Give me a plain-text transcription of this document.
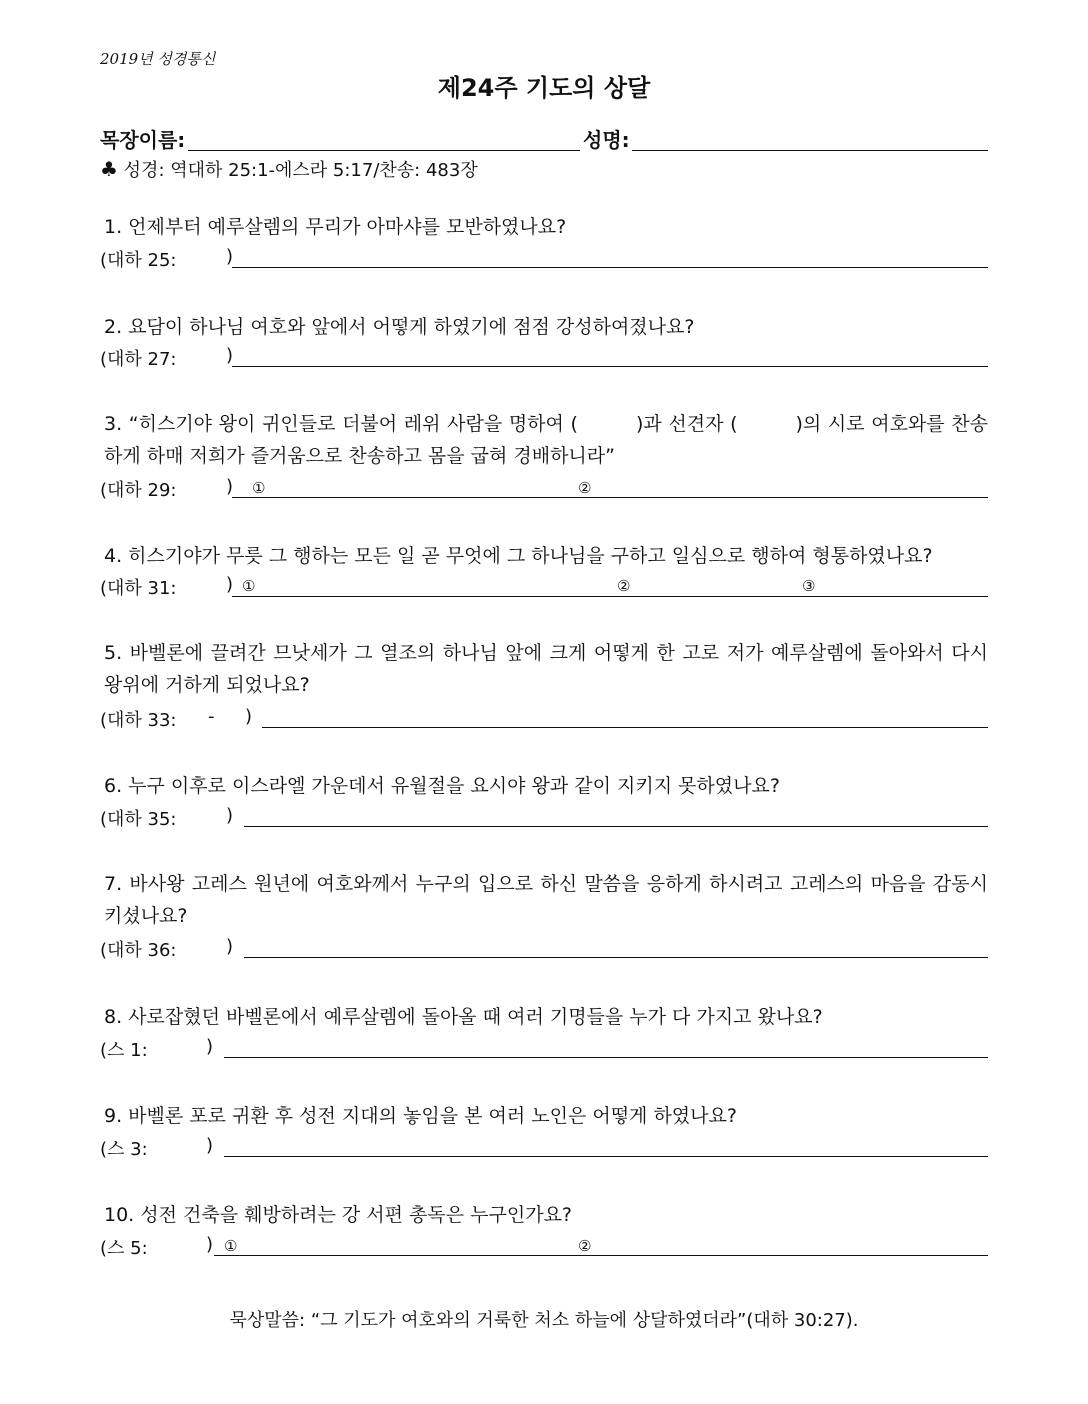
2019년 성경통신
제24주 기도의 상달
목장이름:	성명:
♣ 성경: 역대하 25:1-에스라 5:17/찬송: 483장
1. 언제부터 예루살렘의 무리가 아마샤를 모반하였나요?
(대하 25:	)
2. 요담이 하나님 여호와 앞에서 어떻게 하였기에 점점 강성하여졌나요?
(대하 27:	)
3. “히스기야 왕이 귀인들로 더불어 레위 사람을 명하여 (	)과 선견자 (	)의 시로 여호와를 찬송하게 하매 저희가 즐거움으로 찬송하고 몸을 굽혀 경배하니라”
(대하 29:	) ①	②
4. 히스기야가 무릇 그 행하는 모든 일 곧 무엇에 그 하나님을 구하고 일심으로 행하여 형통하였나요?
(대하 31:	) ①	②	③
5. 바벨론에 끌려간 므낫세가 그 열조의 하나님 앞에 크게 어떻게 한 고로 저가 예루살렘에 돌아와서 다시 왕위에 거하게 되었나요?
(대하 33: - )
6. 누구 이후로 이스라엘 가운데서 유월절을 요시야 왕과 같이 지키지 못하였나요?
(대하 35:	)
7. 바사왕 고레스 원년에 여호와께서 누구의 입으로 하신 말씀을 응하게 하시려고 고레스의 마음을 감동시키셨나요?
(대하 36:	)
8. 사로잡혔던 바벨론에서 예루살렘에 돌아올 때 여러 기명들을 누가 다 가지고 왔나요?
(스 1:	)
9. 바벨론 포로 귀환 후 성전 지대의 놓임을 본 여러 노인은 어떻게 하였나요?
(스 3:	)
10. 성전 건축을 훼방하려는 강 서편 총독은 누구인가요?
(스 5:	) ①	②
묵상말씀: “그 기도가 여호와의 거룩한 처소 하늘에 상달하였더라”(대하 30:27).
